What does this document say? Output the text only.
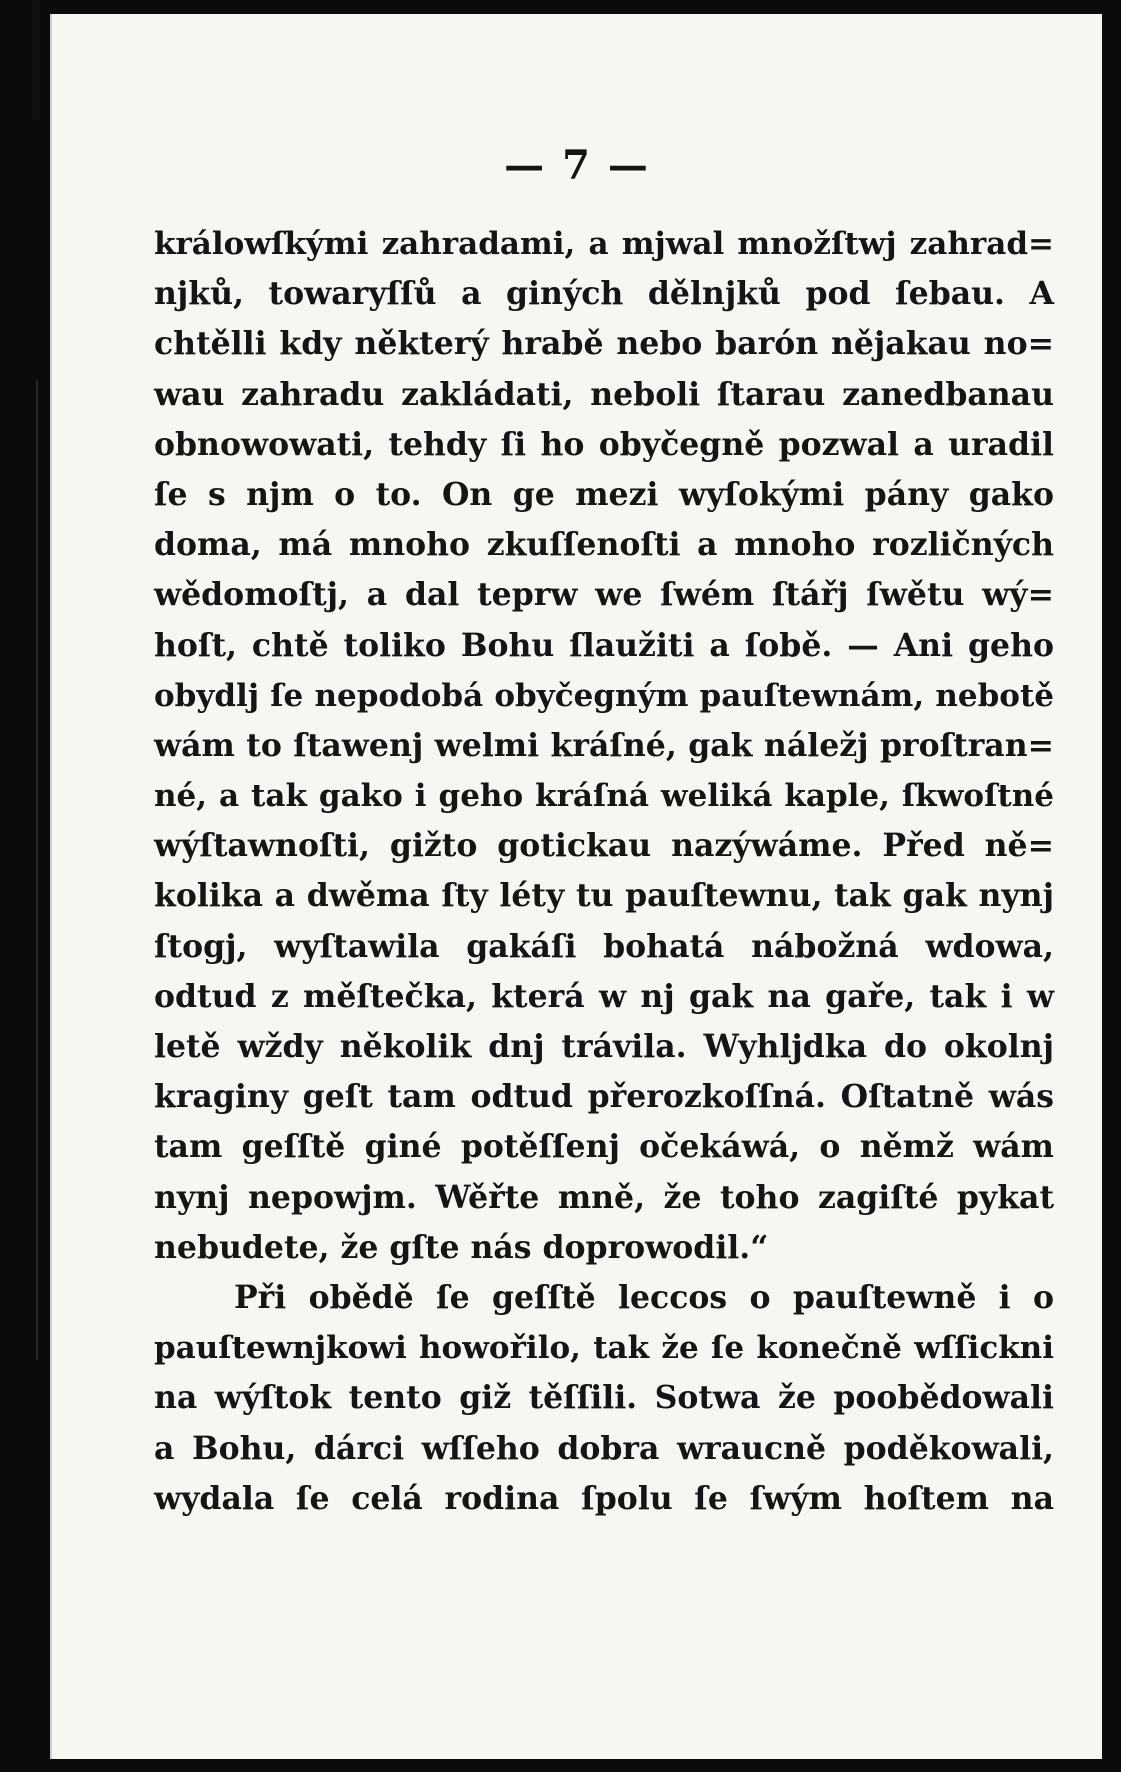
— 7 —
králowſkými zahradami, a mjwal množſtwj zahrad=
njků, towaryſſů a giných dělnjků pod ſebau. A
chtělli kdy některý hrabě nebo barón nějakau no=
wau zahradu zakládati, neboli ſtarau zanedbanau
obnowowati, tehdy ſi ho obyčegně pozwal a uradil
ſe s njm o to. On ge mezi wyſokými pány gako
doma, má mnoho zkuſſenoſti a mnoho rozličných
wědomoſtj, a dal teprw we ſwém ſtářj ſwětu wý=
hoſt, chtě toliko Bohu ſlaužiti a ſobě. — Ani geho
obydlj ſe nepodobá obyčegným pauſtewnám, nebotě
wám to ſtawenj welmi kráſné, gak náležj proſtran=
né, a tak gako i geho kráſná weliká kaple, ſkwoſtné
wýſtawnoſti, gižto gotickau nazýwáme. Před ně=
kolika a dwěma ſty léty tu pauſtewnu, tak gak nynj
ſtogj, wyſtawila gakáſi bohatá nábožná wdowa,
odtud z měſtečka, která w nj gak na gaře, tak i w
letě wždy několik dnj trávila. Wyhljdka do okolnj
kraginy geſt tam odtud přerozkoſſná. Oſtatně wás
tam geſſtě giné potěſſenj očekáwá, o němž wám
nynj nepowjm. Wěřte mně, že toho zagiſté pykat
nebudete, že gſte nás doprowodil.“
Při obědě ſe geſſtě leccos o pauſtewně i o
pauſtewnjkowi howořilo, tak že ſe konečně wſſickni
na wýſtok tento giž těſſili. Sotwa že poobědowali
a Bohu, dárci wſſeho dobra wraucně poděkowali,
wydala ſe celá rodina ſpolu ſe ſwým hoſtem na
